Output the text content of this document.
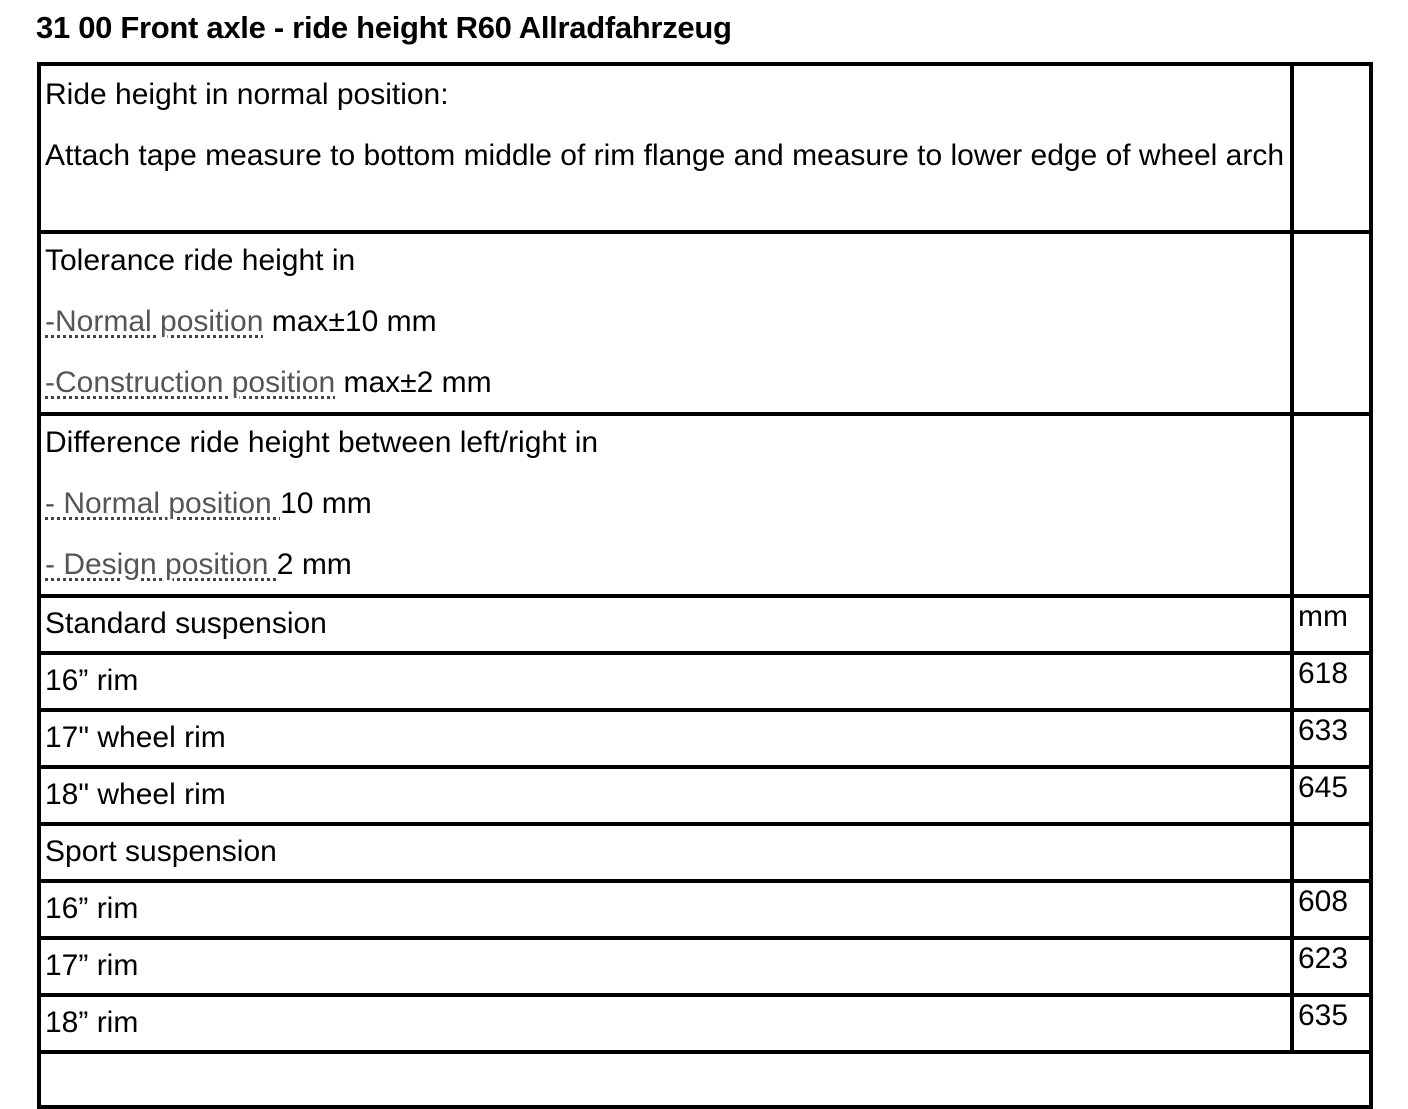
31 00 Front axle - ride height R60 Allradfahrzeug

Ride height in normal position:

Attach tape measure to bottom middle of rim flange and measure to lower edge of wheel arch	

Tolerance ride height in

-Normal position max±10 mm

-Construction position max±2 mm	

Difference ride height between left/right in

- Normal position 10 mm

- Design position 2 mm	

Standard suspension	mm
16” rim	618
17" wheel rim	633
18" wheel rim	645
Sport suspension	
16” rim	608
17” rim	623
18” rim	635
